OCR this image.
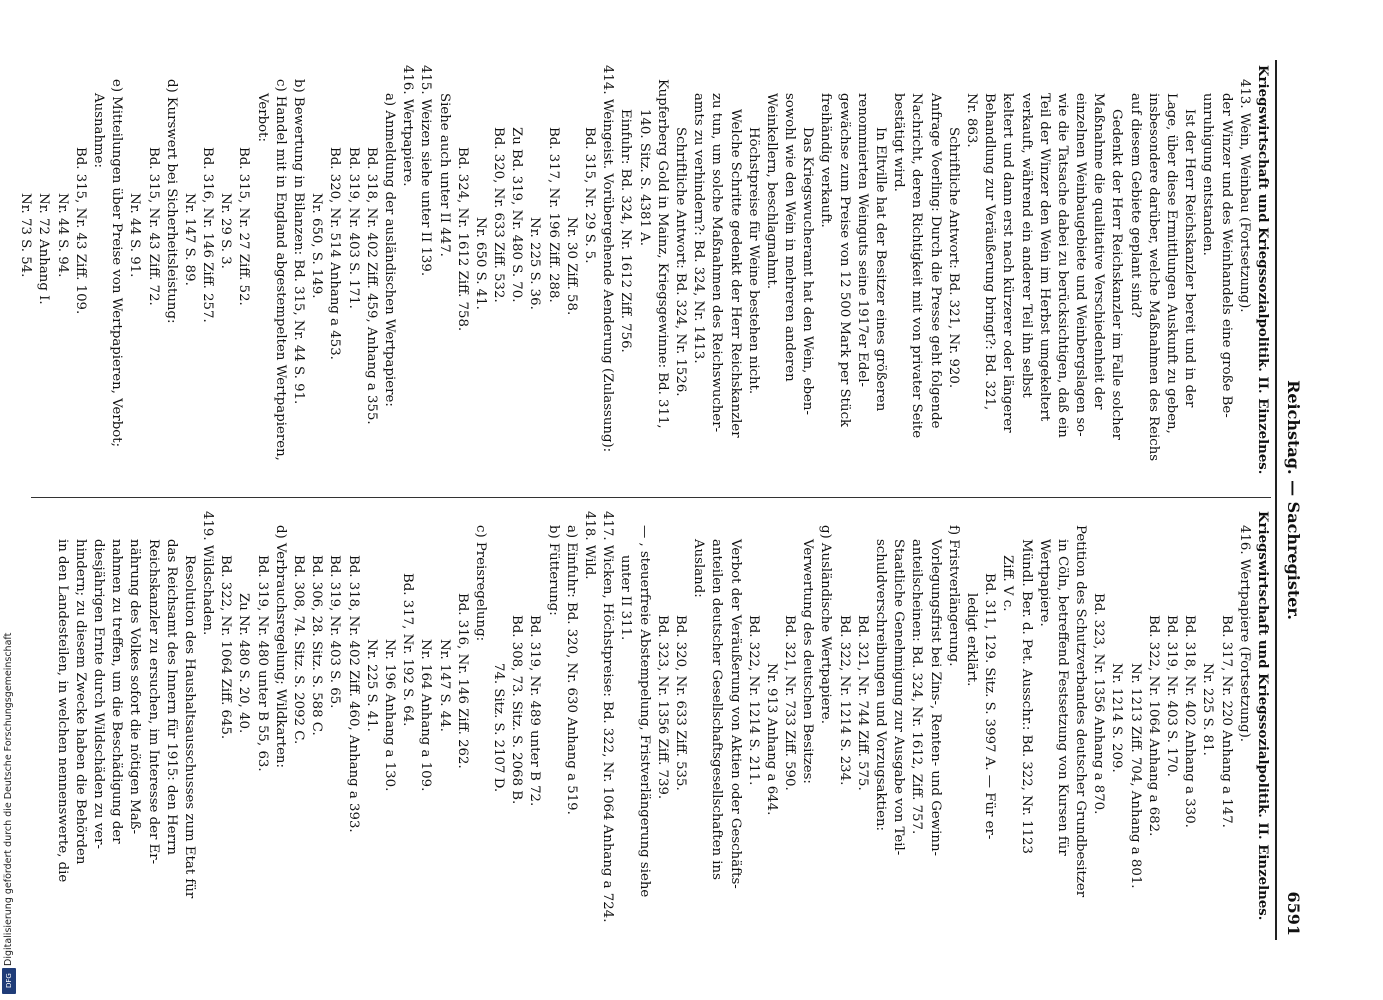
6591
Reichstag. — Sachregister.
Kriegswirtschaft und Kriegssozialpolitik. II. Einzelnes.
413. Wein, Weinbau (Fortsetzung).
der Winzer und des Weinhandels eine große Be-
unruhigung entstanden.
Ist der Herr Reichskanzler bereit und in der
Lage, über diese Ermittlungen Auskunft zu geben,
insbesondere darüber, welche Maßnahmen des Reichs
auf diesem Gebiete geplant sind?
Gedenkt der Herr Reichskanzler im Falle solcher
Maßnahme die qualitative Verschiedenheit der
einzelnen Weinbaugebiete und Weinbergslagen so-
wie die Tatsache dabei zu berücksichtigen, daß ein
Teil der Winzer den Wein im Herbst umgekeltert
verkauft, während ein anderer Teil ihn selbst
keltert und dann erst nach kürzerer oder längerer
Behandlung zur Veräußerung bringt?: Bd. 321,
Nr. 863.
Schriftliche Antwort: Bd. 321, Nr. 920.
Anfrage Voerling: Durch die Presse geht folgende
Nachricht, deren Richtigkeit mit von privater Seite
bestätigt wird.
In Eltville hat der Besitzer eines größeren
renommierten Weinguts seine 1917er Edel-
gewächse zum Preise von 12 500 Mark per Stück
freihändig verkauft.
Das Kriegswucheramt hat den Wein, eben-
sowohl wie den Wein in mehreren anderen
Weinkellern, beschlagnahmt.
Höchstpreise für Weine bestehen nicht.
Welche Schritte gedenkt der Herr Reichskanzler
zu tun, um solche Maßnahmen des Reichswucher-
amts zu verhindern?: Bd. 324, Nr. 1413.
Schriftliche Antwort: Bd. 324, Nr. 1526.
Kupferberg Gold in Mainz, Kriegsgewinne: Bd. 311,
140. Sitz. S. 4381 A.
Einfuhr: Bd. 324, Nr. 1612 Ziff. 756.
414. Weingeist. Vorübergehende Aenderung (Zulassung):
Bd. 315, Nr. 29 S. 5.
Nr. 30 Ziff. 58.
Bd. 317, Nr. 196 Ziff. 288.
Nr. 225 S. 36.
Zu Bd. 319, Nr. 480 S. 70.
Bd. 320, Nr. 633 Ziff. 532.
Nr. 650 S. 41.
Bd. 324, Nr. 1612 Ziff. 758.
Siehe auch unter II 447.
415. Weizen siehe unter II 139.
416. Wertpapiere.
a) Anmeldung der ausländischen Wertpapiere:
Bd. 318, Nr. 402 Ziff. 459, Anhang a 355.
Bd. 319, Nr. 403 S. 171.
Bd. 320, Nr. 514 Anhang a 453.
Nr. 650, S. 149.
b) Bewertung in Bilanzen: Bd. 315, Nr. 44 S. 91.
c) Handel mit in England abgestempelten Wertpapieren,
Verbot:
Bd. 315, Nr. 27 Ziff. 52.
Nr. 29 S. 3.
Bd. 316, Nr. 146 Ziff. 257.
Nr. 147 S. 89.
d) Kurswert bei Sicherheitsleistung:
Bd. 315, Nr. 43 Ziff. 72.
Nr. 44 S. 91.
e) Mitteilungen über Preise von Wertpapieren, Verbot;
Ausnahme:
Bd. 315, Nr. 43 Ziff. 109.
Nr. 44 S. 94.
Nr. 72 Anhang I.
Nr. 73 S. 54.
Kriegswirtschaft und Kriegssozialpolitik. II. Einzelnes.
416. Wertpapiere (Fortsetzung).
Bd. 317, Nr. 220 Anhang a 147.
Nr. 225 S. 81.
Bd. 318, Nr. 402 Anhang a 330.
Bd. 319, Nr. 403 S. 170.
Bd. 322, Nr. 1064 Anhang a 682.
Nr. 1213 Ziff. 704, Anhang a 801.
Nr. 1214 S. 209.
Bd. 323, Nr. 1356 Anhang a 870.
Petition des Schutzverbandes deutscher Grundbesitzer
in Cöln, betreffend Festsetzung von Kursen für
Wertpapiere.
Mündl. Ber. d. Pet. Ausschr.: Bd. 322, Nr. 1123
Ziff. V c.
Bd. 311, 129. Sitz. S. 3997 A. — Für er-
ledigt erklärt.
f) Fristverlängerung.
Vorlegungsfrist bei Zins-, Renten- und Gewinn-
anteilscheinen: Bd. 324, Nr. 1612, Ziff. 757.
Staatliche Genehmigung zur Ausgabe von Teil-
schuldverschreibungen und Vorzugsaktien:
Bd. 321, Nr. 744 Ziff. 575.
Bd. 322, Nr. 1214 S. 234.
g) Ausländische Wertpapiere.
Verwertung des deutschen Besitzes:
Bd. 321, Nr. 733 Ziff. 590.
Nr. 913 Anhang a 644.
Bd. 322, Nr. 1214 S. 211.
Verbot der Veräußerung von Aktien oder Geschäfts-
anteilen deutscher Gesellschaftsgesellschaften ins
Ausland:
Bd. 320, Nr. 633 Ziff. 535.
Bd. 323, Nr. 1356 Ziff. 739.
— , steuerfreie Abstempelung, Fristverlängerung siehe
unter II 311.
417. Wicken, Höchstpreise: Bd. 322, Nr. 1064 Anhang a 724.
418. Wild.
a) Einfuhr: Bd. 320, Nr. 630 Anhang a 519.
b) Fütterung:
Bd. 319, Nr. 489 unter B 72.
Bd. 308, 73. Sitz. S. 2068 B.
74. Sitz. S. 2107 D.
c) Preisregelung:
Bd. 316, Nr. 146 Ziff. 262.
Nr. 147 S. 44.
Nr. 164 Anhang a 109.
Bd. 317, Nr. 192 S. 64.
Nr. 196 Anhang a 130.
Nr. 225 S. 41.
Bd. 318, Nr. 402 Ziff. 460, Anhang a 393.
Bd. 319, Nr. 403 S. 65.
Bd. 306, 28. Sitz. S. 588 C.
Bd. 308, 74. Sitz. S. 2092 C.
d) Verbrauchsregelung; Wildkarten:
Bd. 319, Nr. 480 unter B 55, 63.
Zu Nr. 480 S. 20, 40.
Bd. 322, Nr. 1064 Ziff. 645.
419. Wildschaden.
Resolution des Haushaltsausschusses zum Etat für
das Reichsamt des Innern für 1915: den Herrn
Reichskanzler zu ersuchen, im Interesse der Er-
nährung des Volkes sofort die nötigen Maß-
nahmen zu treffen, um die Beschädigung der
diesjährigen Ernte durch Wildschäden zu ver-
hindern; zu diesem Zwecke haben die Behörden
in den Landesteilen, in welchen nennenswerte, die
Digitalisierung gefördert durch die Deutsche Forschungsgemeinschaft
DFG
